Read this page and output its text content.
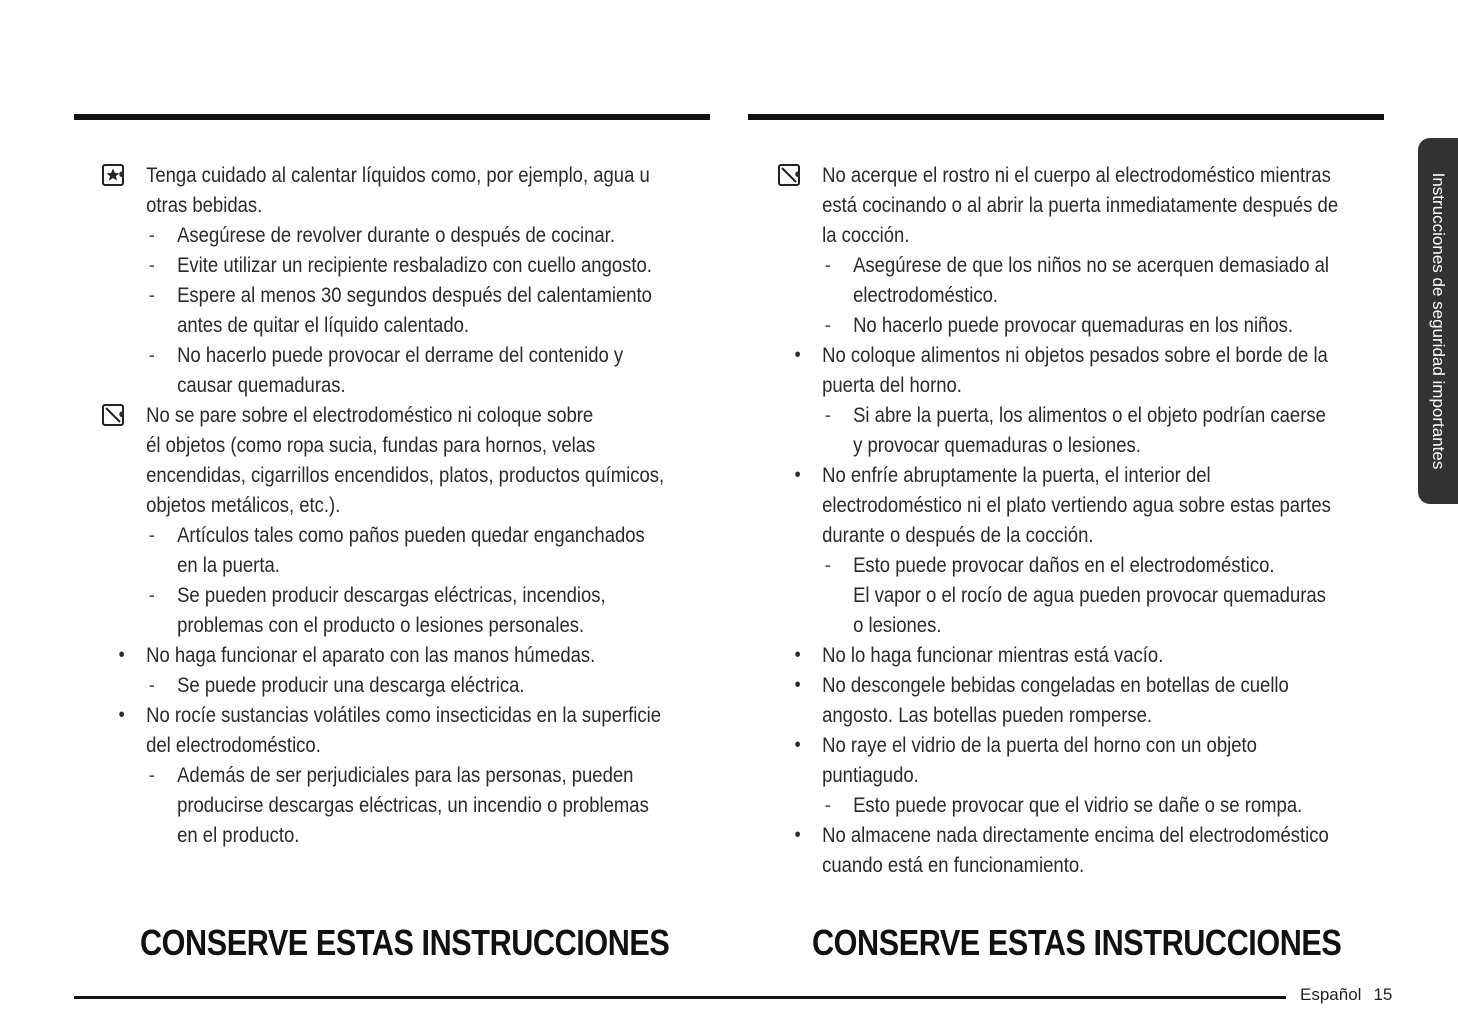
• Tenga cuidado al calentar líquidos como, por ejemplo, agua u
otras bebidas.
- Asegúrese de revolver durante o después de cocinar.
- Evite utilizar un recipiente resbaladizo con cuello angosto.
- Espere al menos 30 segundos después del calentamiento
antes de quitar el líquido calentado.
- No hacerlo puede provocar el derrame del contenido y
causar quemaduras.
• No se pare sobre el electrodoméstico ni coloque sobre
él objetos (como ropa sucia, fundas para hornos, velas
encendidas, cigarrillos encendidos, platos, productos químicos,
objetos metálicos, etc.).
- Artículos tales como paños pueden quedar enganchados
en la puerta.
- Se pueden producir descargas eléctricas, incendios,
problemas con el producto o lesiones personales.
• No haga funcionar el aparato con las manos húmedas.
- Se puede producir una descarga eléctrica.
• No rocíe sustancias volátiles como insecticidas en la superficie
del electrodoméstico.
- Además de ser perjudiciales para las personas, pueden
producirse descargas eléctricas, un incendio o problemas
en el producto.
• No acerque el rostro ni el cuerpo al electrodoméstico mientras
está cocinando o al abrir la puerta inmediatamente después de
la cocción.
- Asegúrese de que los niños no se acerquen demasiado al
electrodoméstico.
- No hacerlo puede provocar quemaduras en los niños.
• No coloque alimentos ni objetos pesados sobre el borde de la
puerta del horno.
- Si abre la puerta, los alimentos o el objeto podrían caerse
y provocar quemaduras o lesiones.
• No enfríe abruptamente la puerta, el interior del
electrodoméstico ni el plato vertiendo agua sobre estas partes
durante o después de la cocción.
- Esto puede provocar daños en el electrodoméstico.
El vapor o el rocío de agua pueden provocar quemaduras
o lesiones.
• No lo haga funcionar mientras está vacío.
• No descongele bebidas congeladas en botellas de cuello
angosto. Las botellas pueden romperse.
• No raye el vidrio de la puerta del horno con un objeto
puntiagudo.
- Esto puede provocar que el vidrio se dañe o se rompa.
• No almacene nada directamente encima del electrodoméstico
cuando está en funcionamiento.
CONSERVE ESTAS INSTRUCCIONES	CONSERVE ESTAS INSTRUCCIONES
Instrucciones de seguridad importantes
Español 15
